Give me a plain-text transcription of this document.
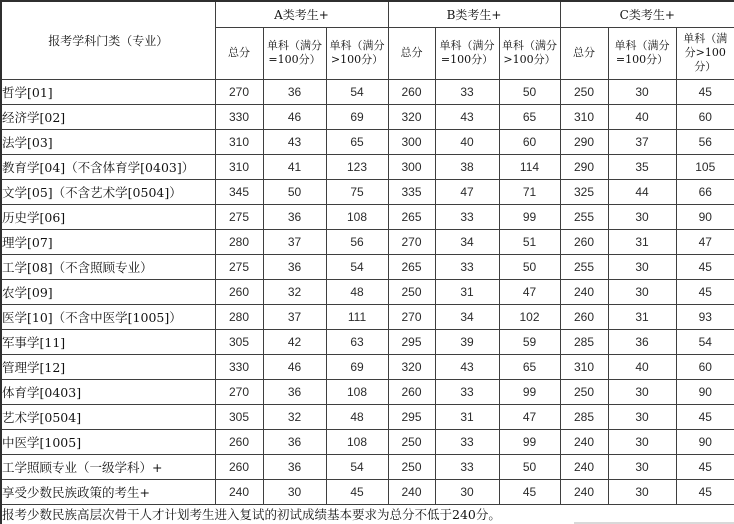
报考学科门类（专业）	A类考生+			B类考生+			C类考生+		
	总分	单科（满分=100分）	单科（满分>100分）	总分	单科（满分=100分）	单科（满分>100分）	总分	单科（满分=100分）	单科（满分>100分）
哲学[01]	270	36	54	260	33	50	250	30	45
经济学[02]	330	46	69	320	43	65	310	40	60
法学[03]	310	43	65	300	40	60	290	37	56
教育学[04]（不含体育学[0403]）	310	41	123	300	38	114	290	35	105
文学[05]（不含艺术学[0504]）	345	50	75	335	47	71	325	44	66
历史学[06]	275	36	108	265	33	99	255	30	90
理学[07]	280	37	56	270	34	51	260	31	47
工学[08]（不含照顾专业）	275	36	54	265	33	50	255	30	45
农学[09]	260	32	48	250	31	47	240	30	45
医学[10]（不含中医学[1005]）	280	37	111	270	34	102	260	31	93
军事学[11]	305	42	63	295	39	59	285	36	54
管理学[12]	330	46	69	320	43	65	310	40	60
体育学[0403]	270	36	108	260	33	99	250	30	90
艺术学[0504]	305	32	48	295	31	47	285	30	45
中医学[1005]	260	36	108	250	33	99	240	30	90
工学照顾专业（一级学科）+	260	36	54	250	33	50	240	30	45
享受少数民族政策的考生+	240	30	45	240	30	45	240	30	45
报考少数民族高层次骨干人才计划考生进入复试的初试成绩基本要求为总分不低于240分。									
